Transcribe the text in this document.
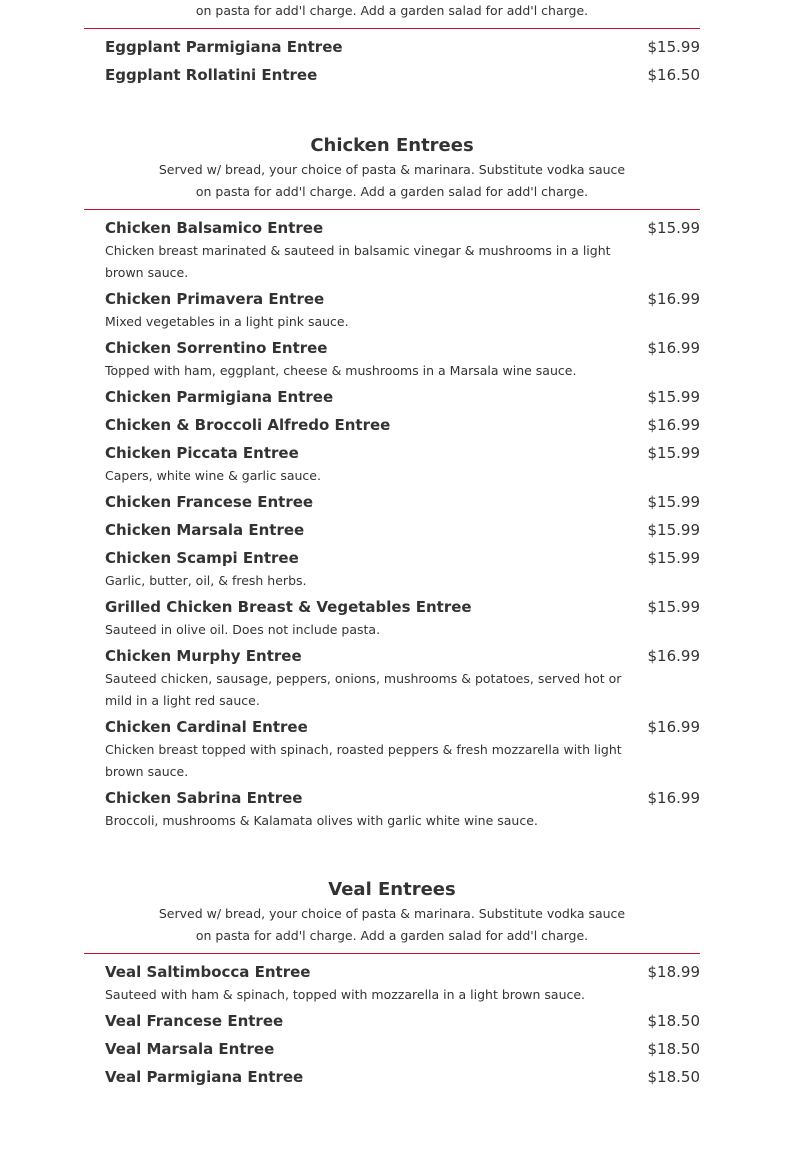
on pasta for add'l charge. Add a garden salad for add'l charge.

Eggplant Parmigiana Entree	$15.99
Eggplant Rollatini Entree	$16.50
Chicken Entrees

Served w/ bread, your choice of pasta & marinara. Substitute vodka sauce on pasta for add'l charge. Add a garden salad for add'l charge.

Chicken Balsamico Entree	$15.99
Chicken breast marinated & sauteed in balsamic vinegar & mushrooms in a light brown sauce.
Chicken Primavera Entree	$16.99
Mixed vegetables in a light pink sauce.
Chicken Sorrentino Entree	$16.99
Topped with ham, eggplant, cheese & mushrooms in a Marsala wine sauce.
Chicken Parmigiana Entree	$15.99
Chicken & Broccoli Alfredo Entree	$16.99
Chicken Piccata Entree	$15.99
Capers, white wine & garlic sauce.
Chicken Francese Entree	$15.99
Chicken Marsala Entree	$15.99
Chicken Scampi Entree	$15.99
Garlic, butter, oil, & fresh herbs.
Grilled Chicken Breast & Vegetables Entree	$15.99
Sauteed in olive oil. Does not include pasta.
Chicken Murphy Entree	$16.99
Sauteed chicken, sausage, peppers, onions, mushrooms & potatoes, served hot or mild in a light red sauce.
Chicken Cardinal Entree	$16.99
Chicken breast topped with spinach, roasted peppers & fresh mozzarella with light brown sauce.
Chicken Sabrina Entree	$16.99
Broccoli, mushrooms & Kalamata olives with garlic white wine sauce.
Veal Entrees

Served w/ bread, your choice of pasta & marinara. Substitute vodka sauce on pasta for add'l charge. Add a garden salad for add'l charge.

Veal Saltimbocca Entree	$18.99
Sauteed with ham & spinach, topped with mozzarella in a light brown sauce.
Veal Francese Entree	$18.50
Veal Marsala Entree	$18.50
Veal Parmigiana Entree	$18.50
